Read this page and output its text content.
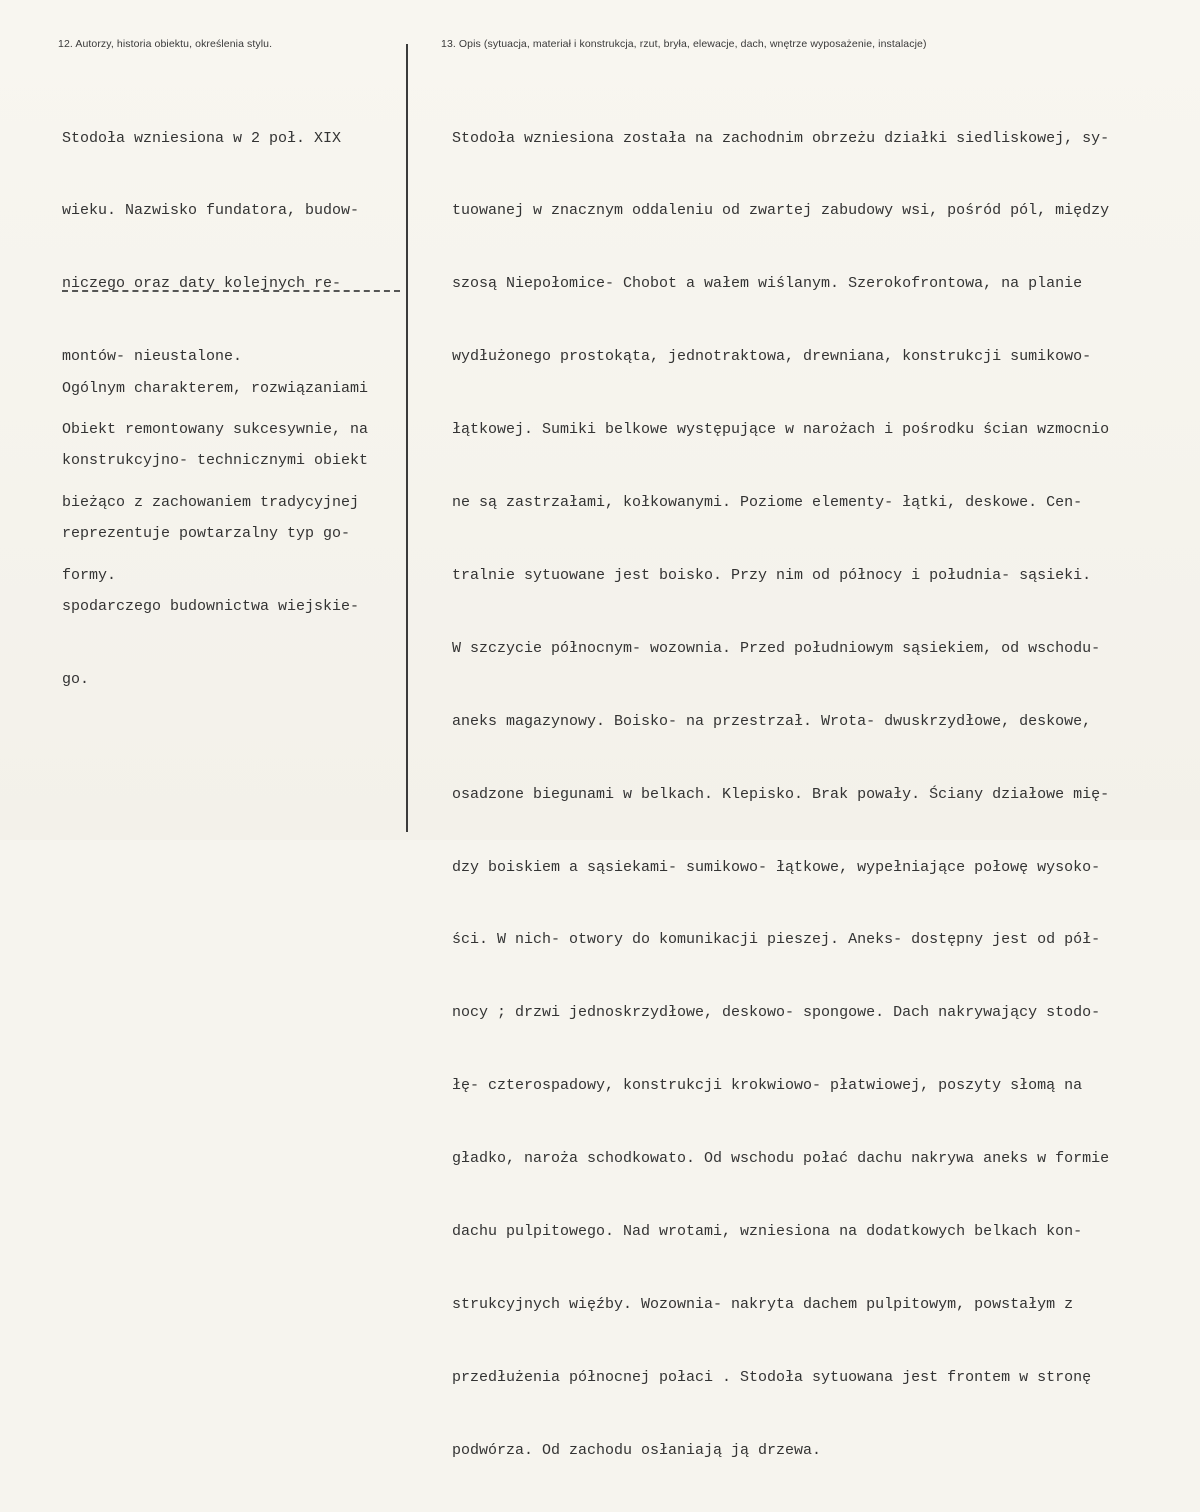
12. Autorzy, historia obiektu, określenia stylu.	13. Opis (sytuacja, materiał i konstrukcja, rzut, bryła, elewacje, dach, wnętrze wyposażenie, instalacje)

Stodoła wzniesiona w 2 poł. XIX

wieku. Nazwisko fundatora, budow-

niczego oraz daty kolejnych re-

montów- nieustalone.

Obiekt remontowany sukcesywnie, na

bieżąco z zachowaniem tradycyjnej

formy.

Ogólnym charakterem, rozwiązaniami

konstrukcyjno- technicznymi obiekt

reprezentuje powtarzalny typ go-

spodarczego budownictwa wiejskie-

go.

Stodoła wzniesiona została na zachodnim obrzeżu działki siedliskowej, sy-

tuowanej w znacznym oddaleniu od zwartej zabudowy wsi, pośród pól, między

szosą Niepołomice- Chobot a wałem wiślanym. Szerokofrontowa, na planie

wydłużonego prostokąta, jednotraktowa, drewniana, konstrukcji sumikowo-

łątkowej. Sumiki belkowe występujące w narożach i pośrodku ścian wzmocnio

ne są zastrzałami, kołkowanymi. Poziome elementy- łątki, deskowe. Cen-

tralnie sytuowane jest boisko. Przy nim od północy i południa- sąsieki.

W szczycie północnym- wozownia. Przed południowym sąsiekiem, od wschodu-

aneks magazynowy. Boisko- na przestrzał. Wrota- dwuskrzydłowe, deskowe,

osadzone biegunami w belkach. Klepisko. Brak powały. Ściany działowe mię-

dzy boiskiem a sąsiekami- sumikowo- łątkowe, wypełniające połowę wysoko-

ści. W nich- otwory do komunikacji pieszej. Aneks- dostępny jest od pół-

nocy ; drzwi jednoskrzydłowe, deskowo- spongowe. Dach nakrywający stodo-

łę- czterospadowy, konstrukcji krokwiowo- płatwiowej, poszyty słomą na

gładko, naroża schodkowato. Od wschodu połać dachu nakrywa aneks w formie

dachu pulpitowego. Nad wrotami, wzniesiona na dodatkowych belkach kon-

strukcyjnych więźby. Wozownia- nakryta dachem pulpitowym, powstałym z

przedłużenia północnej połaci . Stodoła sytuowana jest frontem w stronę

podwórza. Od zachodu osłaniają ją drzewa.
